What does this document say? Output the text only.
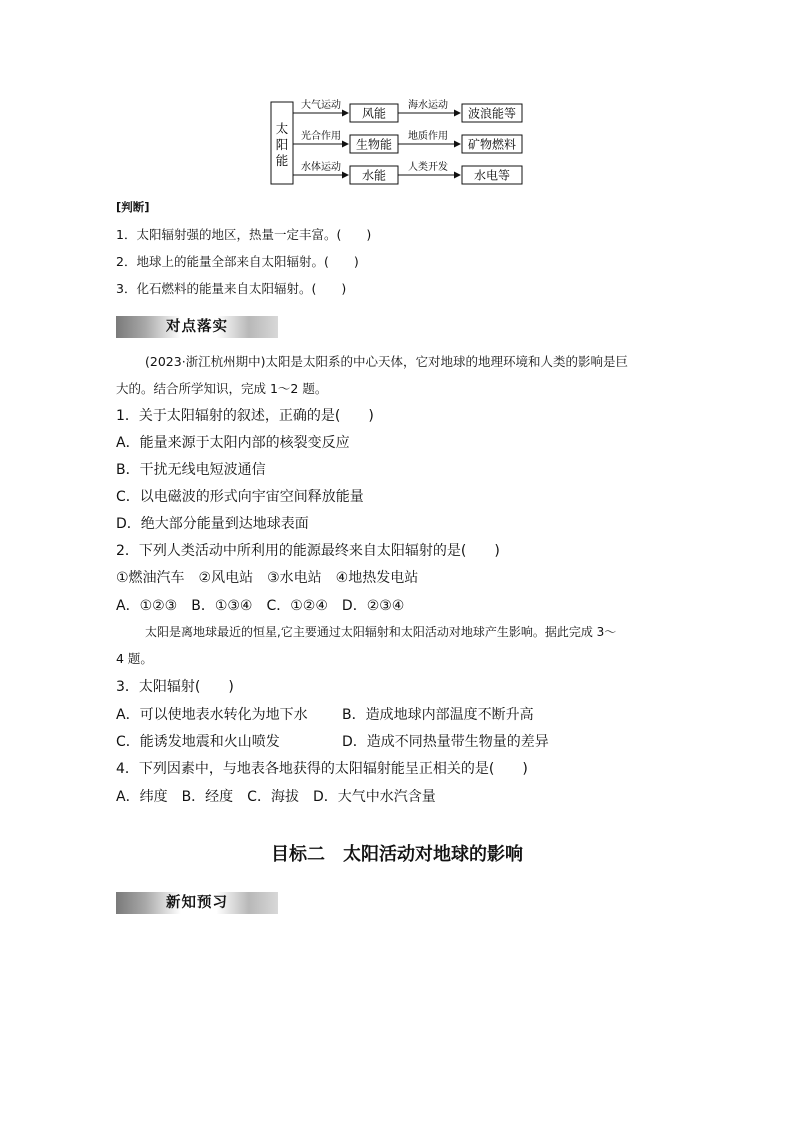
太
阳
能
大气运动
风能
海水运动
波浪能等
光合作用
生物能
地质作用
矿物燃料
水体运动
水能
人类开发
水电等
[判断]
1．太阳辐射强的地区，热量一定丰富。(　　)
2．地球上的能量全部来自太阳辐射。(　　)
3．化石燃料的能量来自太阳辐射。(　　)
对点落实
(2023·浙江杭州期中)太阳是太阳系的中心天体，它对地球的地理环境和人类的影响是巨
大的。结合所学知识，完成 1～2 题。
1．关于太阳辐射的叙述，正确的是(　　)
A．能量来源于太阳内部的核裂变反应
B．干扰无线电短波通信
C．以电磁波的形式向宇宙空间释放能量
D．绝大部分能量到达地球表面
2．下列人类活动中所利用的能源最终来自太阳辐射的是(　　)
①燃油汽车　②风电站　③水电站　④地热发电站
A．①②③　B．①③④　C．①②④　D．②③④
太阳是离地球最近的恒星,它主要通过太阳辐射和太阳活动对地球产生影响。据此完成 3～
4 题。
3．太阳辐射(　　)
A．可以使地表水转化为地下水 B．造成地球内部温度不断升高
C．能诱发地震和火山喷发	D．造成不同热量带生物量的差异
4．下列因素中，与地表各地获得的太阳辐射能呈正相关的是(　　)
A．纬度　B．经度　C．海拔　D．大气中水汽含量
目标二　太阳活动对地球的影响
新知预习
